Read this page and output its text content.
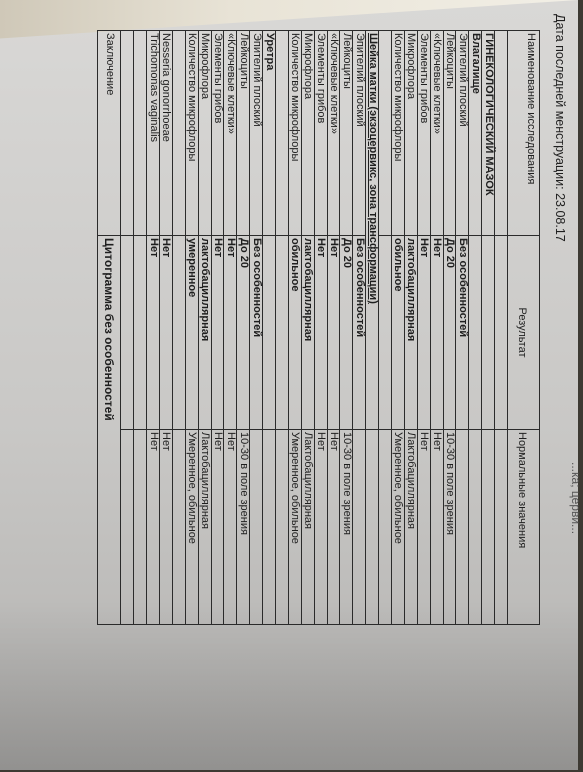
...ка; церви...
Дата последней менструации: 23.08.17
Наименование исследования	Результат	Нормальные значения

ГИНЕКОЛОГИЧЕСКИЙ МАЗОК		
Влагалище		
Эпителий плоский	Без особенностей	
Лейкоциты	До 20	10-30 в поле зрения
«Ключевые клетки»	Нет	Нет
Элементы грибов	Нет	Нет
Микрофлора	лактобациллярная	Лактобациллярная
Количество микрофлоры	обильное	Умеренное, обильное

Шейка матки (экзоцервикс, зона трансформации)		
Эпителий плоский	Без особенностей	
Лейкоциты	До 20	10-30 в поле зрения
«Ключевые клетки»	Нет	Нет
Элементы грибов	Нет	Нет
Микрофлора	лактобациллярная	Лактобациллярная
Количество микрофлоры	обильное	Умеренное, обильное

Уретра		
Эпителий плоский	Без особенностей	
Лейкоциты	До 20	10-30 в поле зрения
«Ключевые клетки»	Нет	Нет
Элементы грибов	Нет	Нет
Микрофлора	лактобациллярная	Лактобациллярная
Количество микрофлоры	умеренное	Умеренное, обильное

Nesseria gonorrhoeae	Нет	Нет
Trichomonas vaginalis	Нет	Нет

Заключение	Цитограмма без особенностей	
